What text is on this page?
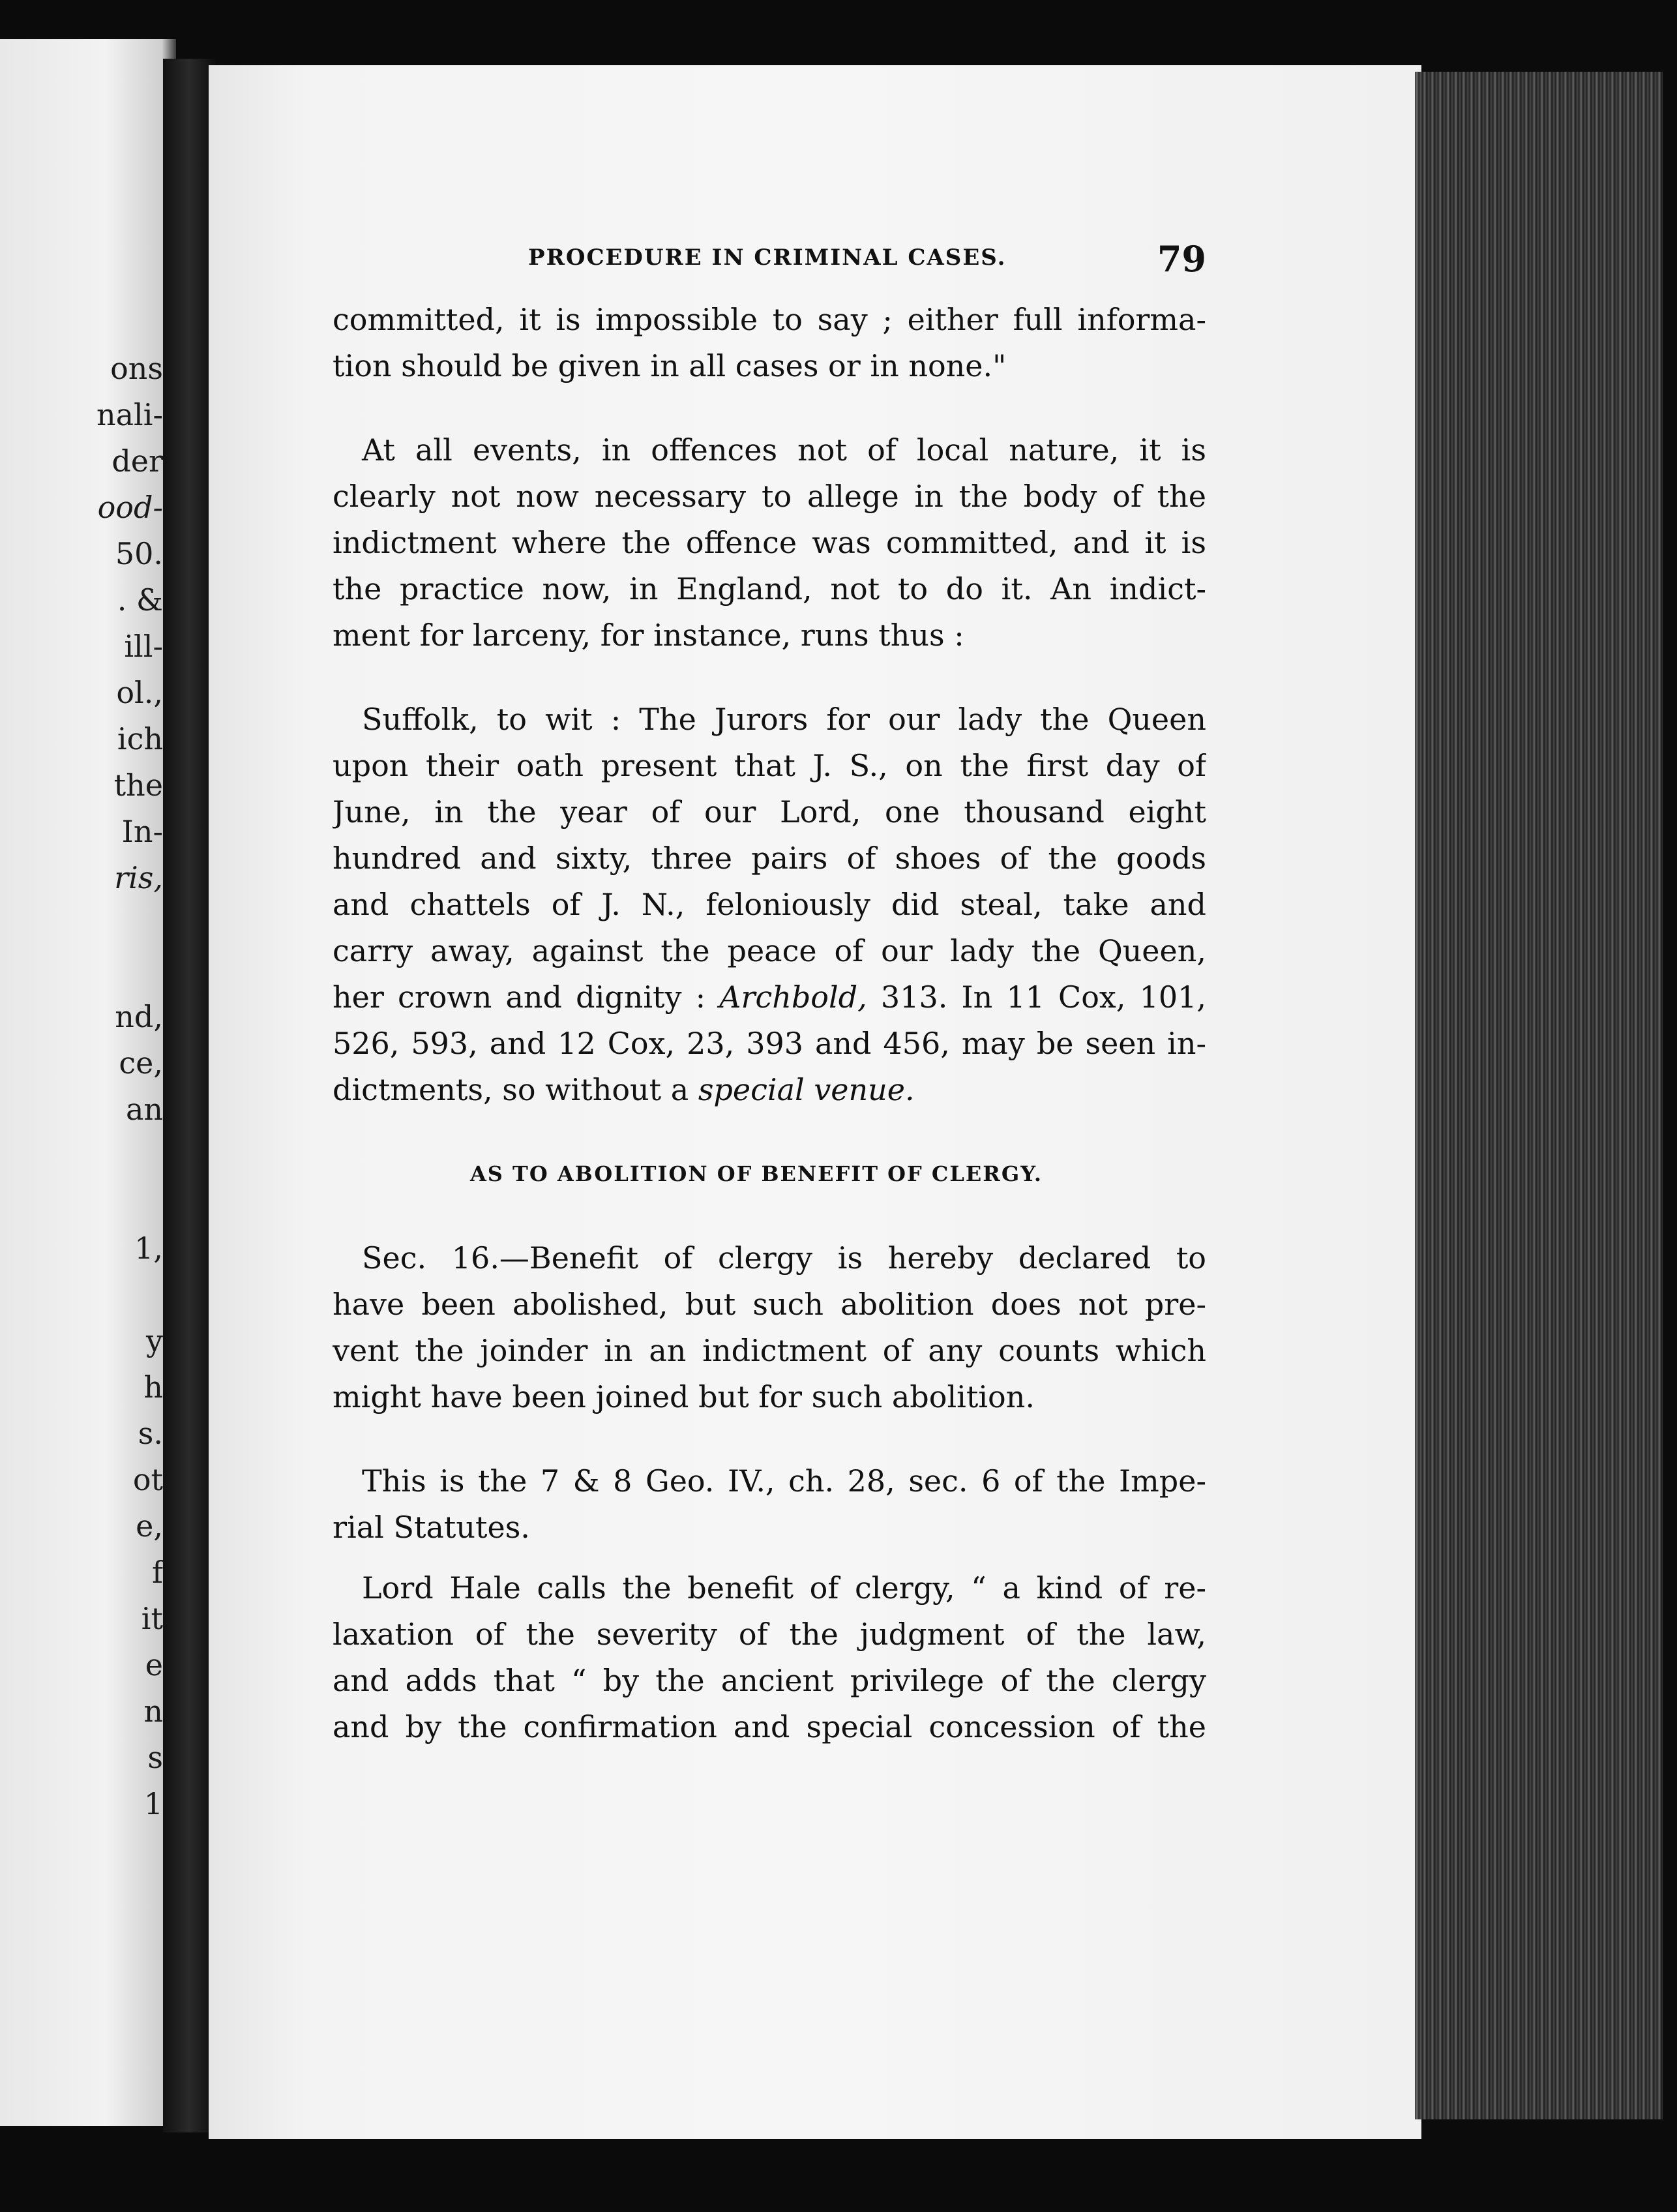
ons
nali-
der
ood-
50.
. &
ill-
ol.,
ich
the
In-
ris,
nd,
ce,
an
1,
y
h
s.
ot
e,
f
it
e
n
s
1
PROCEDURE IN CRIMINAL CASES.	79
committed, it is impossible to say ; either full informa-
tion should be given in all cases or in none."
At all events, in offences not of local nature, it is
clearly not now necessary to allege in the body of the
indictment where the offence was committed, and it is
the practice now, in England, not to do it. An indict-
ment for larceny, for instance, runs thus :
Suffolk, to wit : The Jurors for our lady the Queen
upon their oath present that J. S., on the first day of
June, in the year of our Lord, one thousand eight
hundred and sixty, three pairs of shoes of the goods
and chattels of J. N., feloniously did steal, take and
carry away, against the peace of our lady the Queen,
her crown and dignity : Archbold, 313. In 11 Cox, 101,
526, 593, and 12 Cox, 23, 393 and 456, may be seen in-
dictments, so without a special venue.
AS TO ABOLITION OF BENEFIT OF CLERGY.
Sec. 16.—Benefit of clergy is hereby declared to
have been abolished, but such abolition does not pre-
vent the joinder in an indictment of any counts which
might have been joined but for such abolition.
This is the 7 & 8 Geo. IV., ch. 28, sec. 6 of the Impe-
rial Statutes.
Lord Hale calls the benefit of clergy, “ a kind of re-
laxation of the severity of the judgment of the law,
and adds that “ by the ancient privilege of the clergy
and by the confirmation and special concession of the
